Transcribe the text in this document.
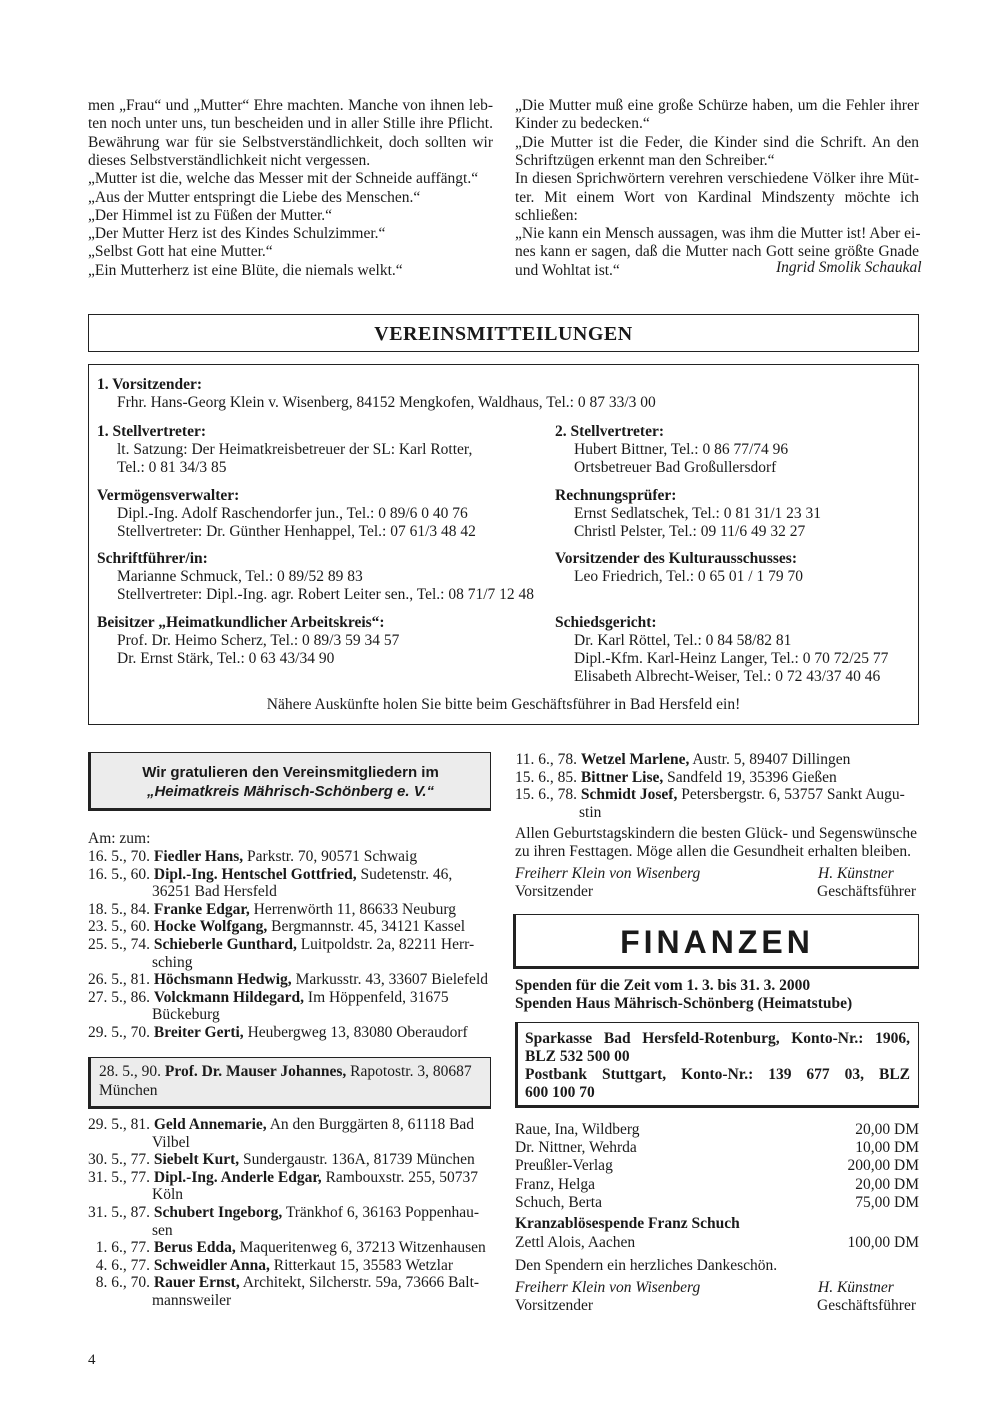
men „Frau“ und „Mutter“ Ehre machten. Manche von ihnen leb-
ten noch unter uns, tun bescheiden und in aller Stille ihre Pflicht.
Bewährung war für sie Selbstverständlichkeit, doch sollten wir
dieses Selbstverständlichkeit nicht vergessen.
„Mutter ist die, welche das Messer mit der Schneide auffängt.“
„Aus der Mutter entspringt die Liebe des Menschen.“
„Der Himmel ist zu Füßen der Mutter.“
„Der Mutter Herz ist des Kindes Schulzimmer.“
„Selbst Gott hat eine Mutter.“
„Ein Mutterherz ist eine Blüte, die niemals welkt.“
„Die Mutter muß eine große Schürze haben, um die Fehler ihrer
Kinder zu bedecken.“
„Die Mutter ist die Feder, die Kinder sind die Schrift. An den
Schriftzügen erkennt man den Schreiber.“
In diesen Sprichwörtern verehren verschiedene Völker ihre Müt-
ter. Mit einem Wort von Kardinal Mindszenty möchte ich
schließen:
„Nie kann ein Mensch aussagen, was ihm die Mutter ist! Aber ei-
nes kann er sagen, daß die Mutter nach Gott seine größte Gnade
und Wohltat ist.“	Ingrid Smolik Schaukal
VEREINSMITTEILUNGEN
1. Vorsitzender:
Frhr. Hans-Georg Klein v. Wisenberg, 84152 Mengkofen, Waldhaus, Tel.: 0 87 33/3 00
1. Stellvertreter:
lt. Satzung: Der Heimatkreisbetreuer der SL: Karl Rotter,
Tel.: 0 81 34/3 85
2. Stellvertreter:
Hubert Bittner, Tel.: 0 86 77/74 96
Ortsbetreuer Bad Großullersdorf
Vermögensverwalter:
Dipl.-Ing. Adolf Raschendorfer jun., Tel.: 0 89/6 0 40 76
Stellvertreter: Dr. Günther Henhappel, Tel.: 07 61/3 48 42
Rechnungsprüfer:
Ernst Sedlatschek, Tel.: 0 81 31/1 23 31
Christl Pelster, Tel.: 09 11/6 49 32 27
Schriftführer/in:
Marianne Schmuck, Tel.: 0 89/52 89 83
Stellvertreter: Dipl.-Ing. agr. Robert Leiter sen., Tel.: 08 71/7 12 48
Vorsitzender des Kulturausschusses:
Leo Friedrich, Tel.: 0 65 01 / 1 79 70
Beisitzer „Heimatkundlicher Arbeitskreis“:
Prof. Dr. Heimo Scherz, Tel.: 0 89/3 59 34 57
Dr. Ernst Stärk, Tel.: 0 63 43/34 90
Schiedsgericht:
Dr. Karl Röttel, Tel.: 0 84 58/82 81
Dipl.-Kfm. Karl-Heinz Langer, Tel.: 0 70 72/25 77
Elisabeth Albrecht-Weiser, Tel.: 0 72 43/37 40 46
Nähere Auskünfte holen Sie bitte beim Geschäftsführer in Bad Hersfeld ein!
Wir gratulieren den Vereinsmitgliedern im
„Heimatkreis Mährisch-Schönberg e. V.“
Am: zum:
16. 5., 70. Fiedler Hans, Parkstr. 70, 90571 Schwaig
16. 5., 60. Dipl.-Ing. Hentschel Gottfried, Sudetenstr. 46,
36251 Bad Hersfeld
18. 5., 84. Franke Edgar, Herrenwörth 11, 86633 Neuburg
23. 5., 60. Hocke Wolfgang, Bergmannstr. 45, 34121 Kassel
25. 5., 74. Schieberle Gunthard, Luitpoldstr. 2a, 82211 Herr-
sching
26. 5., 81. Höchsmann Hedwig, Markusstr. 43, 33607 Bielefeld
27. 5., 86. Volckmann Hildegard, Im Höppenfeld, 31675
Bückeburg
29. 5., 70. Breiter Gerti, Heubergweg 13, 83080 Oberaudorf
28. 5., 90. Prof. Dr. Mauser Johannes, Rapotostr. 3, 80687
München
29. 5., 81. Geld Annemarie, An den Burggärten 8, 61118 Bad
Vilbel
30. 5., 77. Siebelt Kurt, Sundergaustr. 136A, 81739 München
31. 5., 77. Dipl.-Ing. Anderle Edgar, Rambouxstr. 255, 50737
Köln
31. 5., 87. Schubert Ingeborg, Tränkhof 6, 36163 Poppenhau-
sen
1. 6., 77. Berus Edda, Maqueritenweg 6, 37213 Witzenhausen
4. 6., 77. Schweidler Anna, Ritterkaut 15, 35583 Wetzlar
8. 6., 70. Rauer Ernst, Architekt, Silcherstr. 59a, 73666 Balt-
mannsweiler
4
11. 6., 78. Wetzel Marlene, Austr. 5, 89407 Dillingen
15. 6., 85. Bittner Lise, Sandfeld 19, 35396 Gießen
15. 6., 78. Schmidt Josef, Petersbergstr. 6, 53757 Sankt Augu-
stin
Allen Geburtstagskindern die besten Glück- und Segenswünsche
zu ihren Festtagen. Möge allen die Gesundheit erhalten bleiben.
Freiherr Klein von Wisenberg
Vorsitzender
H. Künstner
Geschäftsführer
FINANZEN
Spenden für die Zeit vom 1. 3. bis 31. 3. 2000
Spenden Haus Mährisch-Schönberg (Heimatstube)
Sparkasse Bad Hersfeld-Rotenburg, Konto-Nr.: 1906,
BLZ 532 500 00
Postbank Stuttgart, Konto-Nr.: 139 677 03, BLZ
600 100 70
Raue, Ina, Wildberg	20,00 DM
Dr. Nittner, Wehrda	10,00 DM
Preußler-Verlag	200,00 DM
Franz, Helga	20,00 DM
Schuch, Berta	75,00 DM
Kranzablösespende Franz Schuch
Zettl Alois, Aachen	100,00 DM
Den Spendern ein herzliches Dankeschön.
Freiherr Klein von Wisenberg
Vorsitzender
H. Künstner
Geschäftsführer
